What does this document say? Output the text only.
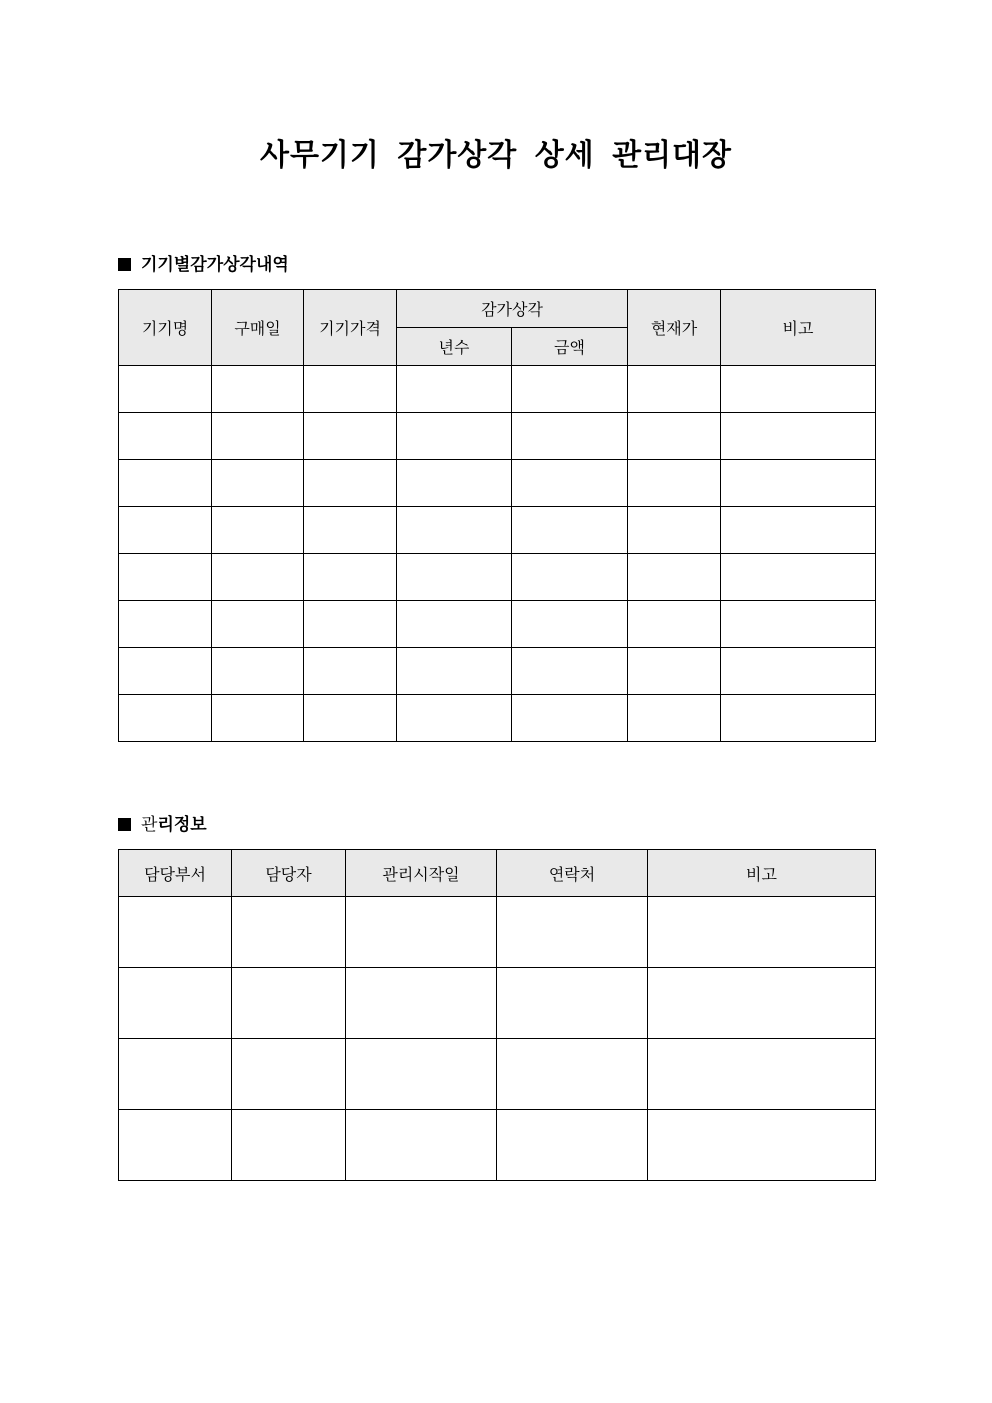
사무기기 감가상각 상세 관리대장
기기별감가상각내역
기기명	구매일	기기가격	감가상각		현재가	비고
			년수	금액		

관리정보
담당부서	담당자	관리시작일	연락처	비고
